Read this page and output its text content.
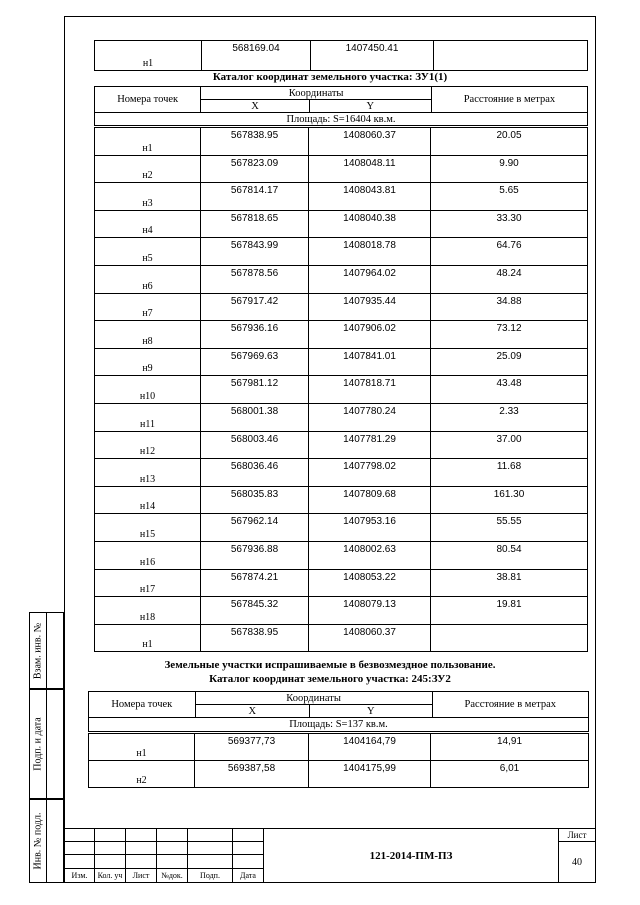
Взам. инв. №
Подп. и дата
Инв. № подл.
н1	568169.04	1407450.41	
Каталог координат земельного участка: ЗУ1(1)
Номера точек	Координаты		Расстояние в метрах
	X	Y	
Площадь: S=16404 кв.м.			
н1	567838.95	1408060.37	20.05
н2	567823.09	1408048.11	9.90
н3	567814.17	1408043.81	5.65
н4	567818.65	1408040.38	33.30
н5	567843.99	1408018.78	64.76
н6	567878.56	1407964.02	48.24
н7	567917.42	1407935.44	34.88
н8	567936.16	1407906.02	73.12
н9	567969.63	1407841.01	25.09
н10	567981.12	1407818.71	43.48
н11	568001.38	1407780.24	2.33
н12	568003.46	1407781.29	37.00
н13	568036.46	1407798.02	11.68
н14	568035.83	1407809.68	161.30
н15	567962.14	1407953.16	55.55
н16	567936.88	1408002.63	80.54
н17	567874.21	1408053.22	38.81
н18	567845.32	1408079.13	19.81
н1	567838.95	1408060.37	
Земельные участки испрашиваемые в безвозмездное пользование.
Каталог координат земельного участка: 245:ЗУ2
Номера точек	Координаты		Расстояние в метрах
	X	Y	
Площадь: S=137 кв.м.			
н1	569377,73	1404164,79	14,91
н2	569387,58	1404175,99	6,01
						121-2014-ПМ-ПЗ	Лист
							40

Изм.	Кол. уч	Лист	№док.	Подп.	Дата		
